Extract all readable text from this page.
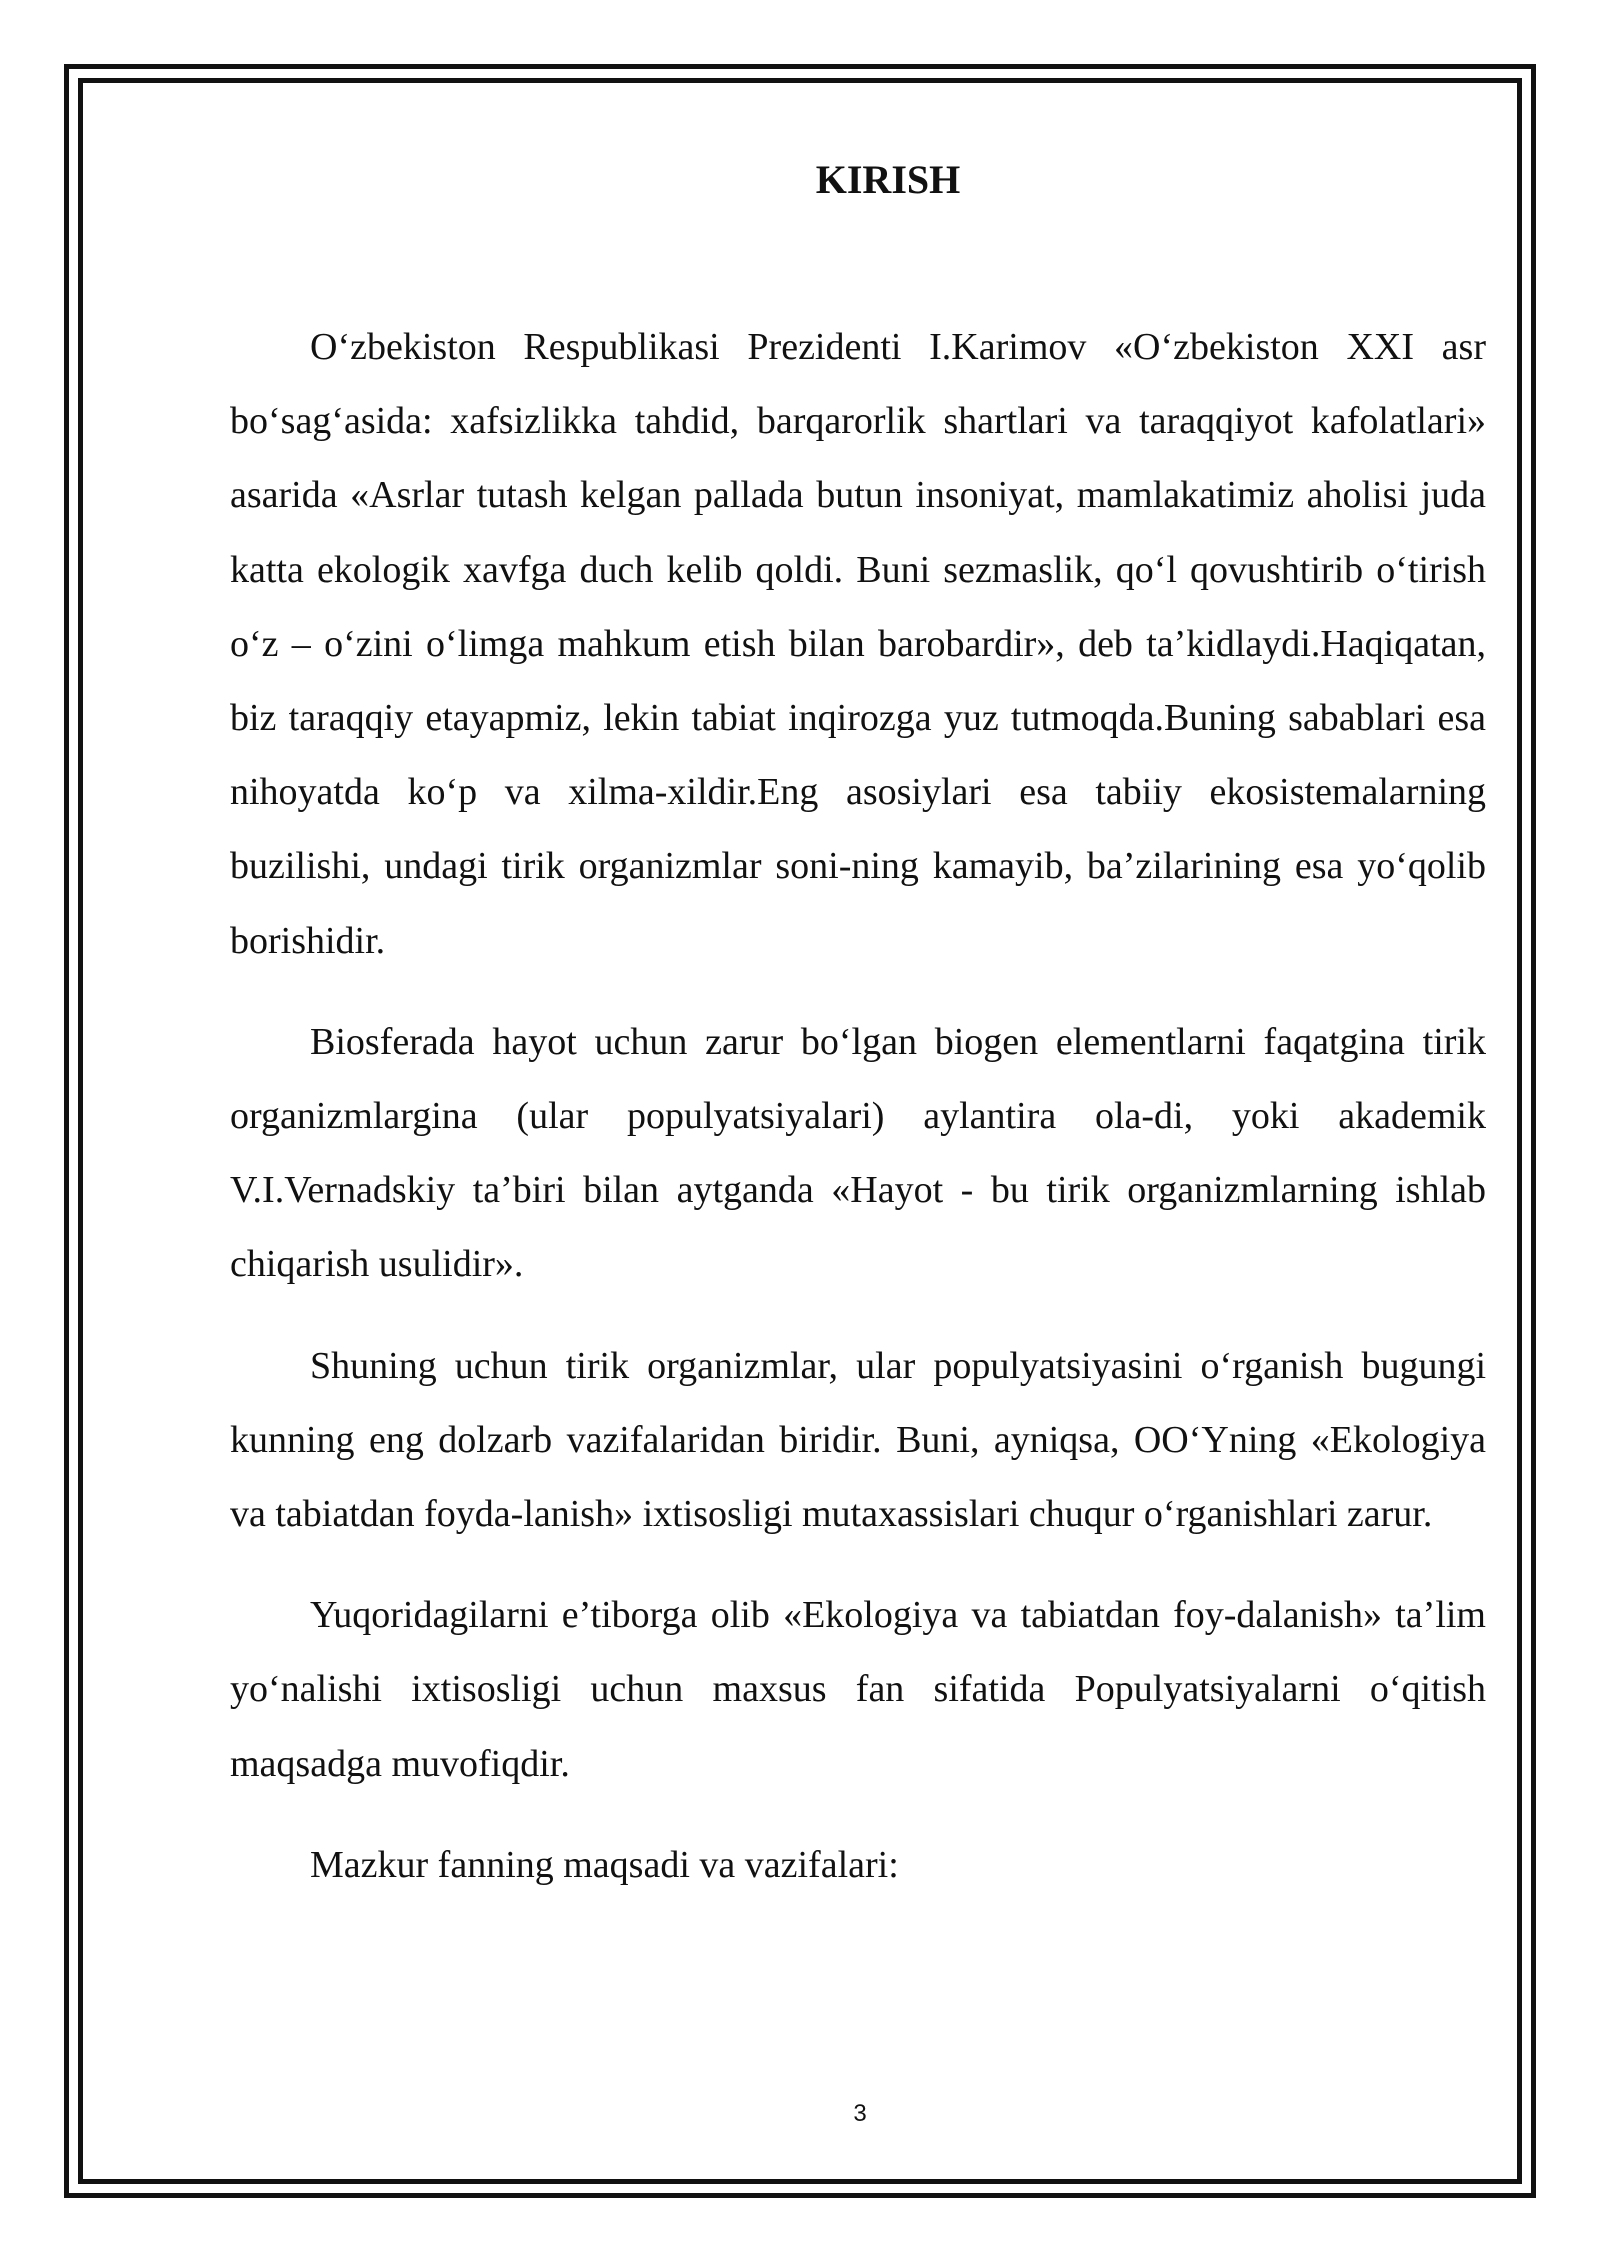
KIRISH

O‘zbekiston Respublikasi Prezidenti I.Karimov «O‘zbekiston XXI asr bo‘sag‘asida: xafsizlikka tahdid, barqarorlik shartlari va taraqqiyot kafolatlari» asarida «Asrlar tutash kelgan pallada butun insoniyat, mamlakatimiz aholisi juda katta ekologik xavfga duch kelib qoldi. Buni sezmaslik, qo‘l qovushtirib o‘tirish o‘z – o‘zini o‘limga mahkum etish bilan barobardir», deb ta’kidlaydi.Haqiqatan, biz taraqqiy etayapmiz, lekin tabiat inqirozga yuz tutmoqda.Buning sabablari esa nihoyatda ko‘p va xilma-xildir.Eng asosiylari esa tabiiy ekosistemalarning buzilishi, undagi tirik organizmlar soni-ning kamayib, ba’zilarining esa yo‘qolib borishidir.

Biosferada hayot uchun zarur bo‘lgan biogen elementlarni faqatgina tirik organizmlargina (ular populyatsiyalari) aylantira ola-di, yoki akademik V.I.Vernadskiy ta’biri bilan aytganda «Hayot - bu tirik organizmlarning ishlab chiqarish usulidir».

Shuning uchun tirik organizmlar, ular populyatsiyasini o‘rganish bugungi kunning eng dolzarb vazifalaridan biridir. Buni, ayniqsa, OO‘Yning «Ekologiya va tabiatdan foyda-lanish» ixtisosligi mutaxassislari chuqur o‘rganishlari zarur.

Yuqoridagilarni e’tiborga olib «Ekologiya va tabiatdan foy-dalanish» ta’lim yo‘nalishi ixtisosligi uchun maxsus fan sifatida Populyatsiyalarni o‘qitish maqsadga muvofiqdir.

Mazkur fanning maqsadi va vazifalari:

3
